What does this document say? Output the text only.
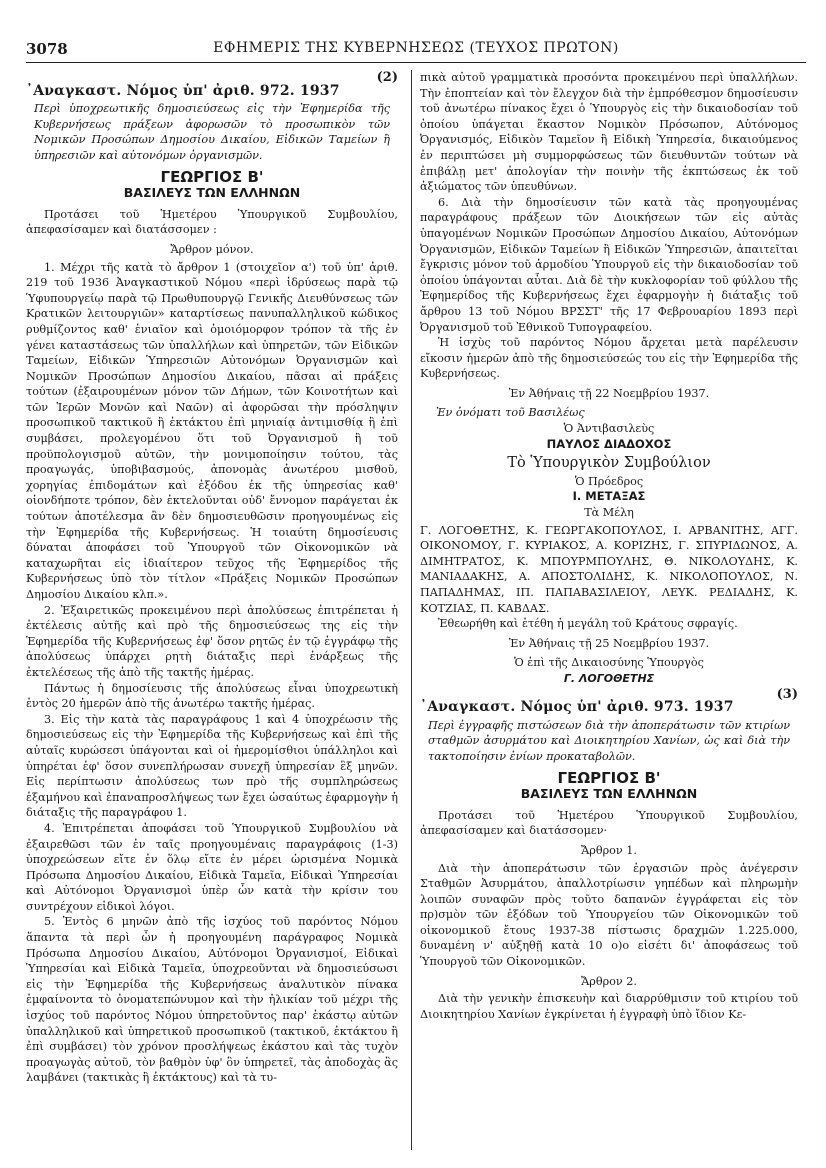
3078	ΕΦΗΜΕΡΙΣ ΤΗΣ ΚΥΒΕΡΝΗΣΕΩΣ (ΤΕΥΧΟΣ ΠΡΩΤΟΝ)
(2)
᾿Αναγκαστ. Νόμος ὑπ' ἀριθ. 972. 1937

Περὶ ὑποχρεωτικῆς δημοσιεύσεως εἰς τὴν Ἐφημερίδα τῆς Κυβερνήσεως πράξεων ἀφορωσῶν τὸ προσωπικὸν τῶν Νομικῶν Προσώπων Δημοσίου Δικαίου, Εἰδικῶν Ταμείων ἢ ὑπηρεσιῶν καὶ αὐτονόμων ὀργανισμῶν.

ΓΕΩΡΓΙΟΣ Β'
ΒΑΣΙΛΕΥΣ ΤΩΝ ΕΛΛΗΝΩΝ

Προτάσει τοῦ Ἡμετέρου Ὑπουργικοῦ Συμβουλίου, ἀπεφασίσαμεν καὶ διατάσσομεν :

Ἄρθρον μόνον.

1. Μέχρι τῆς κατὰ τὸ ἄρθρον 1 (στοιχεῖον α') τοῦ ὑπ' ἀριθ. 219 τοῦ 1936 Ἀναγκαστικοῦ Νόμου «περὶ ἱδρύσεως παρὰ τῷ Ὑφυπουργείῳ παρὰ τῷ Πρωθυπουργῷ Γενικῆς Διευθύνσεως τῶν Κρατικῶν λειτουργιῶν» καταρτίσεως πανυπαλληλικοῦ κώδικος ρυθμίζοντος καθ' ἑνιαῖον καὶ ὁμοιόμορφον τρόπον τὰ τῆς ἐν γένει καταστάσεως τῶν ὑπαλλήλων καὶ ὑπηρετῶν, τῶν Εἰδικῶν Ταμείων, Εἰδικῶν Ὑπηρεσιῶν Αὐτονόμων Ὀργανισμῶν καὶ Νομικῶν Προσώπων Δημοσίου Δικαίου, πᾶσαι αἱ πράξεις τούτων (ἐξαιρουμένων μόνον τῶν Δήμων, τῶν Κοινοτήτων καὶ τῶν Ἱερῶν Μονῶν καὶ Ναῶν) αἱ ἀφορῶσαι τὴν πρόσληψιν προσωπικοῦ τακτικοῦ ἢ ἐκτάκτου ἐπὶ μηνιαίᾳ ἀντιμισθίᾳ ἢ ἐπὶ συμβάσει, προλεγομένου ὅτι τοῦ Ὀργανισμοῦ ἢ τοῦ προϋπολογισμοῦ αὐτῶν, τὴν μονιμοποίησιν τούτου, τὰς προαγωγάς, ὑποβιβασμούς, ἀπονομὰς ἀνωτέρου μισθοῦ, χορηγίας ἐπιδομάτων καὶ ἐξόδου ἐκ τῆς ὑπηρεσίας καθ' οἱονδήποτε τρόπον, δὲν ἐκτελοῦνται οὐδ' ἔννομον παράγεται ἐκ τούτων ἀποτέλεσμα ἂν δὲν δημοσιευθῶσιν προηγουμένως εἰς τὴν Ἐφημερίδα τῆς Κυβερνήσεως. Ἡ τοιαύτη δημοσίευσις δύναται ἀποφάσει τοῦ Ὑπουργοῦ τῶν Οἰκονομικῶν νὰ καταχωρῆται εἰς ἰδιαίτερον τεῦχος τῆς Ἐφημερίδος τῆς Κυβερνήσεως ὑπὸ τὸν τίτλον «Πράξεις Νομικῶν Προσώπων Δημοσίου Δικαίου κλπ.».

2. Ἐξαιρετικῶς προκειμένου περὶ ἀπολύσεως ἐπιτρέπεται ἡ ἐκτέλεσις αὐτῆς καὶ πρὸ τῆς δημοσιεύσεως της εἰς τὴν Ἐφημερίδα τῆς Κυβερνήσεως ἐφ' ὅσον ρητῶς ἐν τῷ ἐγγράφῳ τῆς ἀπολύσεως ὑπάρχει ρητὴ διάταξις περὶ ἐνάρξεως τῆς ἐκτελέσεως τῆς ἀπὸ τῆς τακτῆς ἡμέρας.

Πάντως ἡ δημοσίευσις τῆς ἀπολύσεως εἶναι ὑποχρεωτικὴ ἐντὸς 20 ἡμερῶν ἀπὸ τῆς ἀνωτέρω τακτῆς ἡμέρας.

3. Εἰς τὴν κατὰ τὰς παραγράφους 1 καὶ 4 ὑποχρέωσιν τῆς δημοσιεύσεως εἰς τὴν Ἐφημερίδα τῆς Κυβερνήσεως καὶ ἐπὶ τῆς αὐταῖς κυρώσεσι ὑπάγονται καὶ οἱ ἡμερομίσθιοι ὑπάλληλοι καὶ ὑπηρέται ἐφ' ὅσον συνεπλήρωσαν συνεχῆ ὑπηρεσίαν ἓξ μηνῶν. Εἰς περίπτωσιν ἀπολύσεως των πρὸ τῆς συμπληρώσεως ἑξαμήνου καὶ ἐπαναπροσλήψεως των ἔχει ὡσαύτως ἐφαρμογὴν ἡ διάταξις τῆς παραγράφου 1.

4. Ἐπιτρέπεται ἀποφάσει τοῦ Ὑπουργικοῦ Συμβουλίου νὰ ἐξαιρεθῶσι τῶν ἐν ταῖς προηγουμέναις παραγράφοις (1-3) ὑποχρεώσεων εἴτε ἐν ὅλῳ εἴτε ἐν μέρει ὡρισμένα Νομικὰ Πρόσωπα Δημοσίου Δικαίου, Εἰδικὰ Ταμεῖα, Εἰδικαὶ Ὑπηρεσίαι καὶ Αὐτόνομοι Ὀργανισμοὶ ὑπὲρ ὧν κατὰ τὴν κρίσιν του συντρέχουν εἰδικοὶ λόγοι.

5. Ἐντὸς 6 μηνῶν ἀπὸ τῆς ἰσχύος τοῦ παρόντος Νόμου ἅπαντα τὰ περὶ ὧν ἡ προηγουμένη παράγραφος Νομικὰ Πρόσωπα Δημοσίου Δικαίου, Αὐτόνομοι Ὀργανισμοί, Εἰδικαὶ Ὑπηρεσίαι καὶ Εἰδικὰ Ταμεῖα, ὑποχρεοῦνται νὰ δημοσιεύσωσι εἰς τὴν Ἐφημερίδα τῆς Κυβερνήσεως ἀναλυτικὸν πίνακα ἐμφαίνοντα τὸ ὀνοματεπώνυμον καὶ τὴν ἡλικίαν τοῦ μέχρι τῆς ἰσχύος τοῦ παρόντος Νόμου ὑπηρετοῦντος παρ' ἑκάστῳ αὐτῶν ὑπαλληλικοῦ καὶ ὑπηρετικοῦ προσωπικοῦ (τακτικοῦ, ἐκτάκτου ἢ ἐπὶ συμβάσει) τὸν χρόνον προσλήψεως ἑκάστου καὶ τὰς τυχὸν προαγωγὰς αὐτοῦ, τὸν βαθμὸν ὑφ' ὃν ὑπηρετεῖ, τὰς ἀποδοχὰς ἃς λαμβάνει (τακτικὰς ἢ ἐκτάκτους) καὶ τὰ τυ-

πικὰ αὐτοῦ γραμματικὰ προσόντα προκειμένου περὶ ὑπαλλήλων. Τὴν ἐποπτείαν καὶ τὸν ἔλεγχον διὰ τὴν ἐμπρόθεσμον δημοσίευσιν τοῦ ἀνωτέρω πίνακος ἔχει ὁ Ὑπουργὸς εἰς τὴν δικαιοδοσίαν τοῦ ὁποίου ὑπάγεται ἕκαστον Νομικὸν Πρόσωπον, Αὐτόνομος Ὀργανισμός, Εἰδικὸν Ταμεῖον ἢ Εἰδικὴ Ὑπηρεσία, δικαιούμενος ἐν περιπτώσει μὴ συμμορφώσεως τῶν διευθυντῶν τούτων νὰ ἐπιβάλῃ μετ' ἀπολογίαν τὴν ποινὴν τῆς ἐκπτώσεως ἐκ τοῦ ἀξιώματος τῶν ὑπευθύνων.

6. Διὰ τὴν δημοσίευσιν τῶν κατὰ τὰς προηγουμένας παραγράφους πράξεων τῶν Διοικήσεων τῶν εἰς αὐτὰς ὑπαγομένων Νομικῶν Προσώπων Δημοσίου Δικαίου, Αὐτονόμων Ὀργανισμῶν, Εἰδικῶν Ταμείων ἢ Εἰδικῶν Ὑπηρεσιῶν, ἀπαιτεῖται ἔγκρισις μόνον τοῦ ἁρμοδίου Ὑπουργοῦ εἰς τὴν δικαιοδοσίαν τοῦ ὁποίου ὑπάγονται αὗται. Διὰ δὲ τὴν κυκλοφορίαν τοῦ φύλλου τῆς Ἐφημερίδος τῆς Κυβερνήσεως ἔχει ἐφαρμογὴν ἡ διάταξις τοῦ ἄρθρου 13 τοῦ Νόμου ΒΡΣΣΤ' τῆς 17 Φεβρουαρίου 1893 περὶ Ὀργανισμοῦ τοῦ Ἐθνικοῦ Τυπογραφείου.

Ἡ ἰσχὺς τοῦ παρόντος Νόμου ἄρχεται μετὰ παρέλευσιν εἴκοσιν ἡμερῶν ἀπὸ τῆς δημοσιεύσεώς του εἰς τὴν Ἐφημερίδα τῆς Κυβερνήσεως.

Ἐν Ἀθήναις τῇ 22 Νοεμβρίου 1937.
Ἐν ὀνόματι τοῦ Βασιλέως
Ὁ Ἀντιβασιλεὺς
ΠΑΥΛΟΣ ΔΙΑΔΟΧΟΣ
Τὸ Ὑπουργικὸν Συμβούλιον
Ὁ Πρόεδρος
Ι. ΜΕΤΑΞΑΣ
Τὰ Μέλη

Γ. ΛΟΓΟΘΕΤΗΣ, Κ. ΓΕΩΡΓΑΚΟΠΟΥΛΟΣ, Ι. ΑΡΒΑΝΙΤΗΣ, ΑΓΓ. ΟΙΚΟΝΟΜΟΥ, Γ. ΚΥΡΙΑΚΟΣ, Α. ΚΟΡΙΖΗΣ, Γ. ΣΠΥΡΙΔΩΝΟΣ, Α. ΔΙΜΗΤΡΑΤΟΣ, Κ. ΜΠΟΥΡΜΠΟΥΛΗΣ, Θ. ΝΙΚΟΛΟΥΔΗΣ, Κ. ΜΑΝΙΑΔΑΚΗΣ, Α. ΑΠΟΣΤΟΛΙΔΗΣ, Κ. ΝΙΚΟΛΟΠΟΥΛΟΣ, Ν. ΠΑΠΑΔΗΜΑΣ, ΙΠ. ΠΑΠΑΒΑΣΙΛΕΙΟΥ, ΛΕΥΚ. ΡΕΔΙΑΔΗΣ, Κ. ΚΟΤΖΙΑΣ, Π. ΚΑΒΔΑΣ.

Ἐθεωρήθη καὶ ἐτέθη ἡ μεγάλη τοῦ Κράτους σφραγίς.

Ἐν Ἀθήναις τῇ 25 Νοεμβρίου 1937.
Ὁ ἐπὶ τῆς Δικαιοσύνης Ὑπουργὸς
Γ. ΛΟΓΟΘΕΤΗΣ
(3)
᾿Αναγκαστ. Νόμος ὑπ' ἀριθ. 973. 1937

Περὶ ἐγγραφῆς πιστώσεων διὰ τὴν ἀποπεράτωσιν τῶν κτιρίων σταθμῶν ἀσυρμάτου καὶ Διοικητηρίου Χανίων, ὡς καὶ διὰ τὴν τακτοποίησιν ἐνίων προκαταβολῶν.

ΓΕΩΡΓΙΟΣ Β'
ΒΑΣΙΛΕΥΣ ΤΩΝ ΕΛΛΗΝΩΝ

Προτάσει τοῦ Ἡμετέρου Ὑπουργικοῦ Συμβουλίου, ἀπεφασίσαμεν καὶ διατάσσομεν·

Ἄρθρον 1.

Διὰ τὴν ἀποπεράτωσιν τῶν ἐργασιῶν πρὸς ἀνέγερσιν Σταθμῶν Ἀσυρμάτου, ἀπαλλοτρίωσιν γηπέδων καὶ πληρωμὴν λοιπῶν συναφῶν πρὸς τοῦτο δαπανῶν ἐγγράφεται εἰς τὸν πρ)σμὸν τῶν ἐξόδων τοῦ Ὑπουργείου τῶν Οἰκονομικῶν τοῦ οἰκονομικοῦ ἔτους 1937-38 πίστωσις δραχμῶν 1.225.000, δυναμένη ν' αὐξηθῇ κατὰ 10 ο)ο εἰσέτι δι' ἀποφάσεως τοῦ Ὑπουργοῦ τῶν Οἰκονομικῶν.

Ἄρθρον 2.

Διὰ τὴν γενικὴν ἐπισκευὴν καὶ διαρρύθμισιν τοῦ κτιρίου τοῦ Διοικητηρίου Χανίων ἐγκρίνεται ἡ ἐγγραφὴ ὑπὸ ἴδιον Κε-
